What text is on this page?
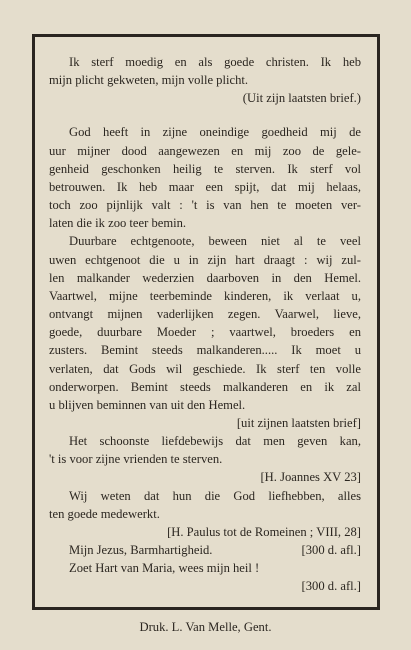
Ik sterf moedig en als goede christen. Ik heb

mijn plicht gekweten, mijn volle plicht.

(Uit zijn laatsten brief.)

God heeft in zijne oneindige goedheid mij de

uur mijner dood aangewezen en mij zoo de gele-

genheid geschonken heilig te sterven. Ik sterf vol

betrouwen. Ik heb maar een spijt, dat mij helaas,

toch zoo pijnlijk valt : 't is van hen te moeten ver-

laten die ik zoo teer bemin.

Duurbare echtgenoote, beween niet al te veel

uwen echtgenoot die u in zijn hart draagt : wij zul-

len malkander wederzien daarboven in den Hemel.

Vaartwel, mijne teerbeminde kinderen, ik verlaat u,

ontvangt mijnen vaderlijken zegen. Vaarwel, lieve,

goede, duurbare Moeder ; vaartwel, broeders en

zusters. Bemint steeds malkanderen..... Ik moet u

verlaten, dat Gods wil geschiede. Ik sterf ten volle

onderworpen. Bemint steeds malkanderen en ik zal

u blijven beminnen van uit den Hemel.

[uit zijnen laatsten brief]

Het schoonste liefdebewijs dat men geven kan,

't is voor zijne vrienden te sterven.

[H. Joannes XV 23]

Wij weten dat hun die God liefhebben, alles

ten goede medewerkt.

[H. Paulus tot de Romeinen ; VIII, 28]

Mijn Jezus, Barmhartigheid.	[300 d. afl.]

Zoet Hart van Maria, wees mijn heil !

[300 d. afl.]

Druk. L. Van Melle, Gent.
